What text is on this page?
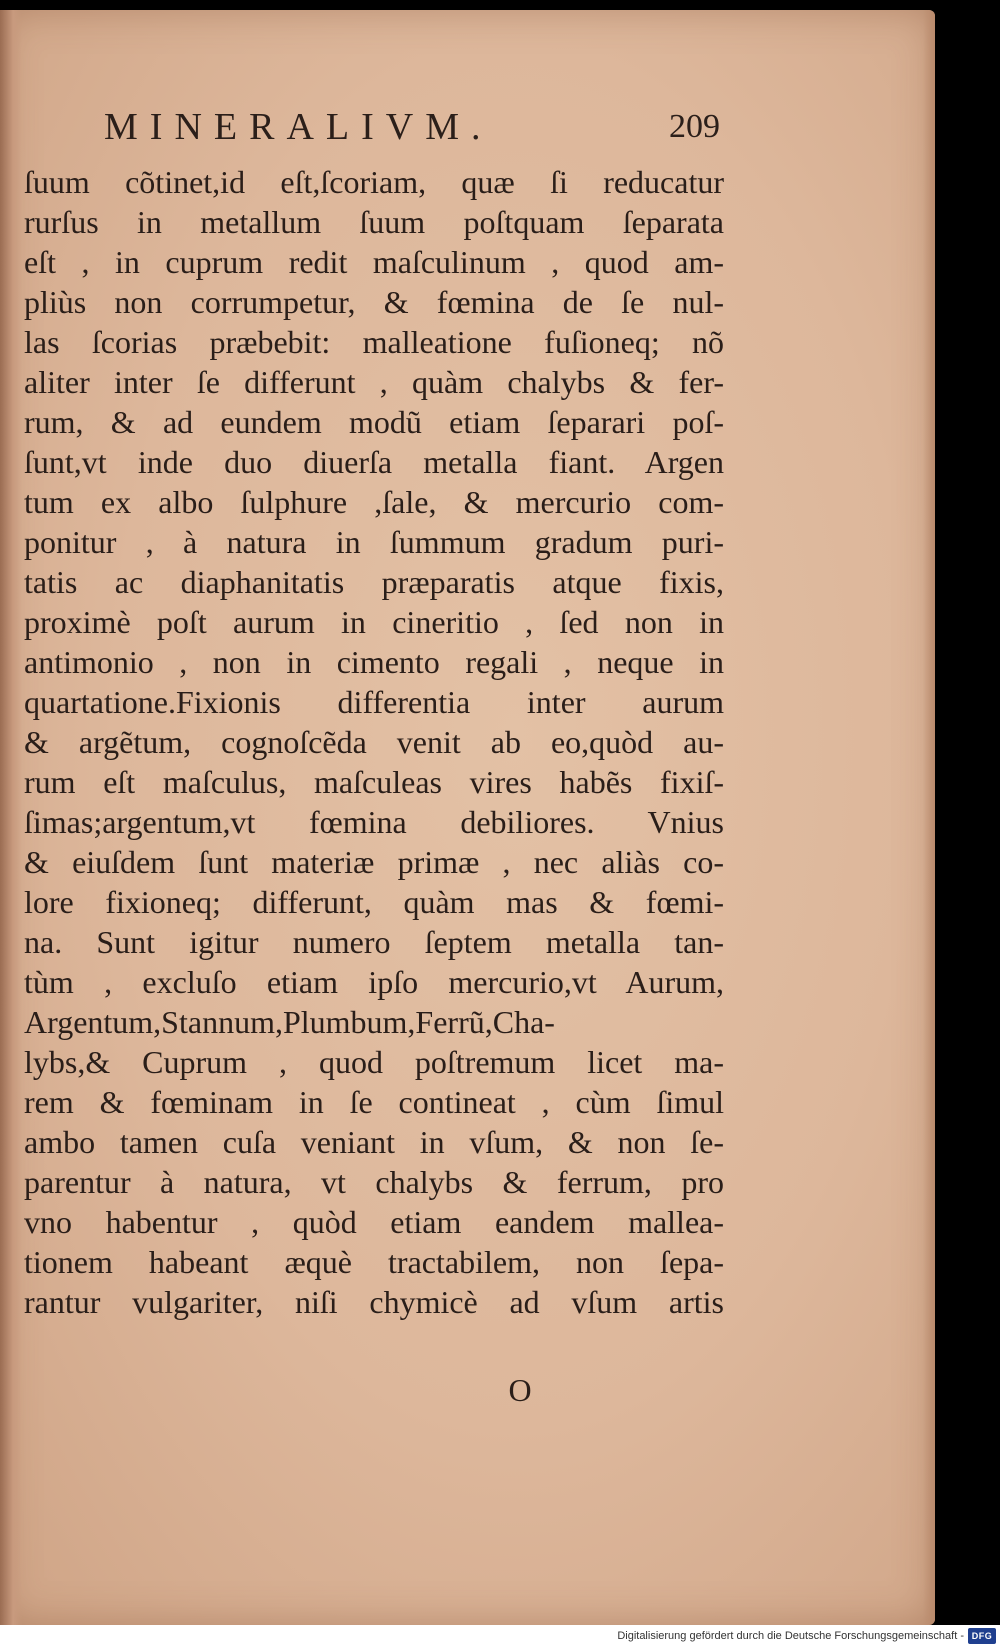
MINERALIVM.	209
ſuum cõtinet,id eſt,ſcoriam, quæ ſi reducatur
rurſus in metallum ſuum poſtquam ſeparata
eſt , in cuprum redit maſculinum , quod am-
pliùs non corrumpetur, & fœmina de ſe nul-
las ſcorias præbebit: malleatione fuſioneq; nõ
aliter inter ſe differunt , quàm chalybs & fer-
rum, & ad eundem modũ etiam ſeparari poſ-
ſunt,vt inde duo diuerſa metalla fiant. Argen
tum ex albo ſulphure ,ſale, & mercurio com-
ponitur , à natura in ſummum gradum puri-
tatis ac diaphanitatis præparatis atque fixis,
proximè poſt aurum in cineritio , ſed non in
antimonio , non in cimento regali , neque in
quartatione.Fixionis differentia inter aurum
& argẽtum, cognoſcẽda venit ab eo,quòd au-
rum eſt maſculus, maſculeas vires habẽs fixiſ-
ſimas;argentum,vt fœmina debiliores. Vnius
& eiuſdem ſunt materiæ primæ , nec aliàs co-
lore fixioneq; differunt, quàm mas & fœmi-
na. Sunt igitur numero ſeptem metalla tan-
tùm , excluſo etiam ipſo mercurio,vt Aurum,
Argentum,Stannum,Plumbum,Ferrũ,Cha-
lybs,& Cuprum , quod poſtremum licet ma-
rem & fœminam in ſe contineat , cùm ſimul
ambo tamen cuſa veniant in vſum, & non ſe-
parentur à natura, vt chalybs & ferrum, pro
vno habentur , quòd etiam eandem mallea-
tionem habeant æquè tractabilem, non ſepa-
rantur vulgariter, niſi chymicè ad vſum artis
O
Digitalisierung gefördert durch die Deutsche Forschungsgemeinschaft - DFG
